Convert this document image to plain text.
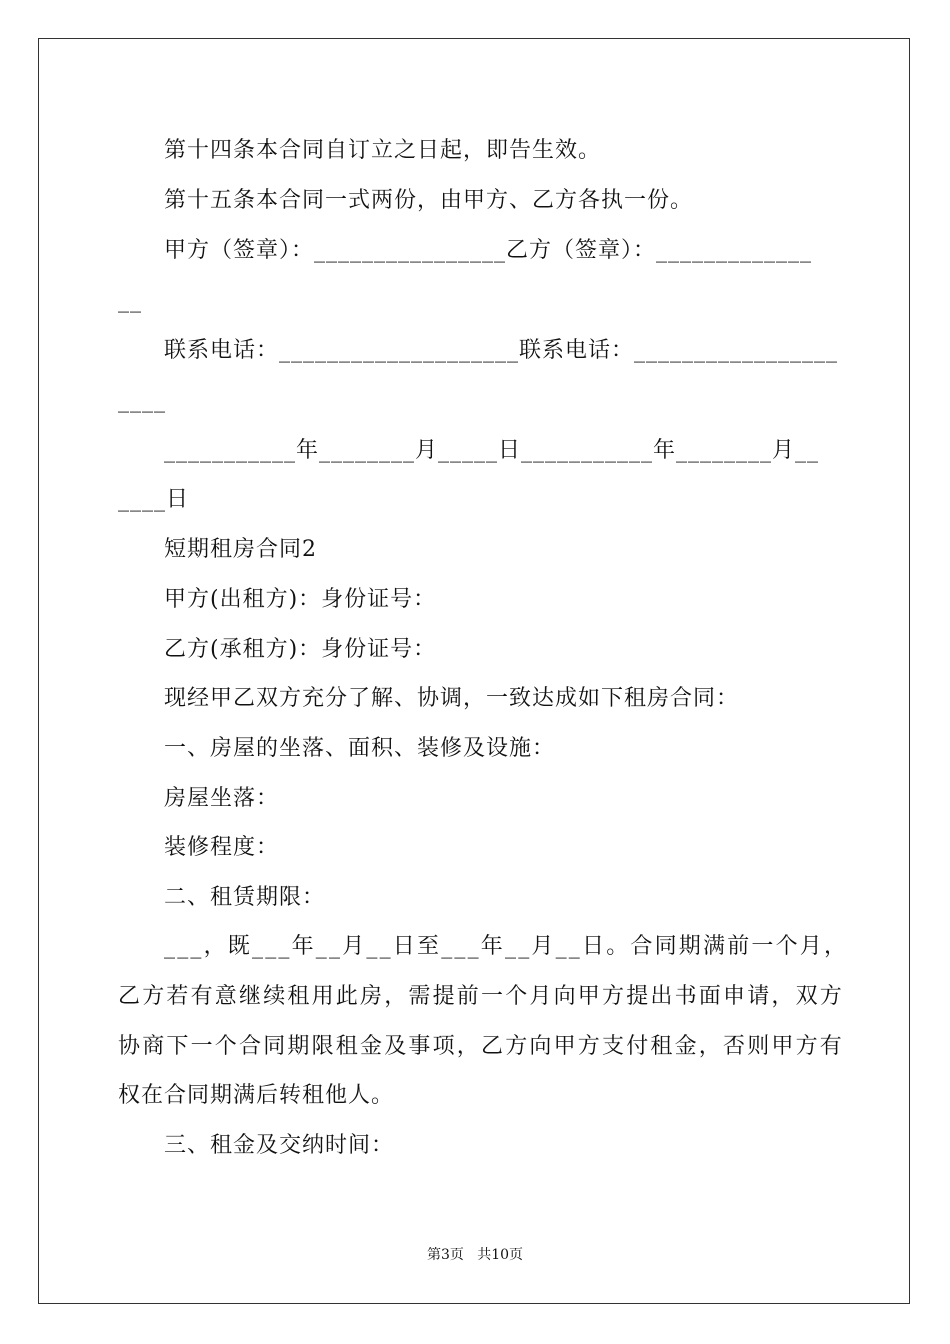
第十四条本合同自订立之日起，即告生效。
第十五条本合同一式两份，由甲方、乙方各执一份。
甲方（签章）：________________乙方（签章）：_____________
__
联系电话：____________________联系电话：_________________
____
___________年________月_____日___________年________月__
____日
短期租房合同2
甲方(出租方)：身份证号：
乙方(承租方)：身份证号：
现经甲乙双方充分了解、协调，一致达成如下租房合同：
一、房屋的坐落、面积、装修及设施：
房屋坐落：
装修程度：
二、租赁期限：
___，既___年__月__日至___年__月__日。合同期满前一个月，
乙方若有意继续租用此房，需提前一个月向甲方提出书面申请，双方
协商下一个合同期限租金及事项，乙方向甲方支付租金，否则甲方有
权在合同期满后转租他人。
三、租金及交纳时间：
第3页   共10页
